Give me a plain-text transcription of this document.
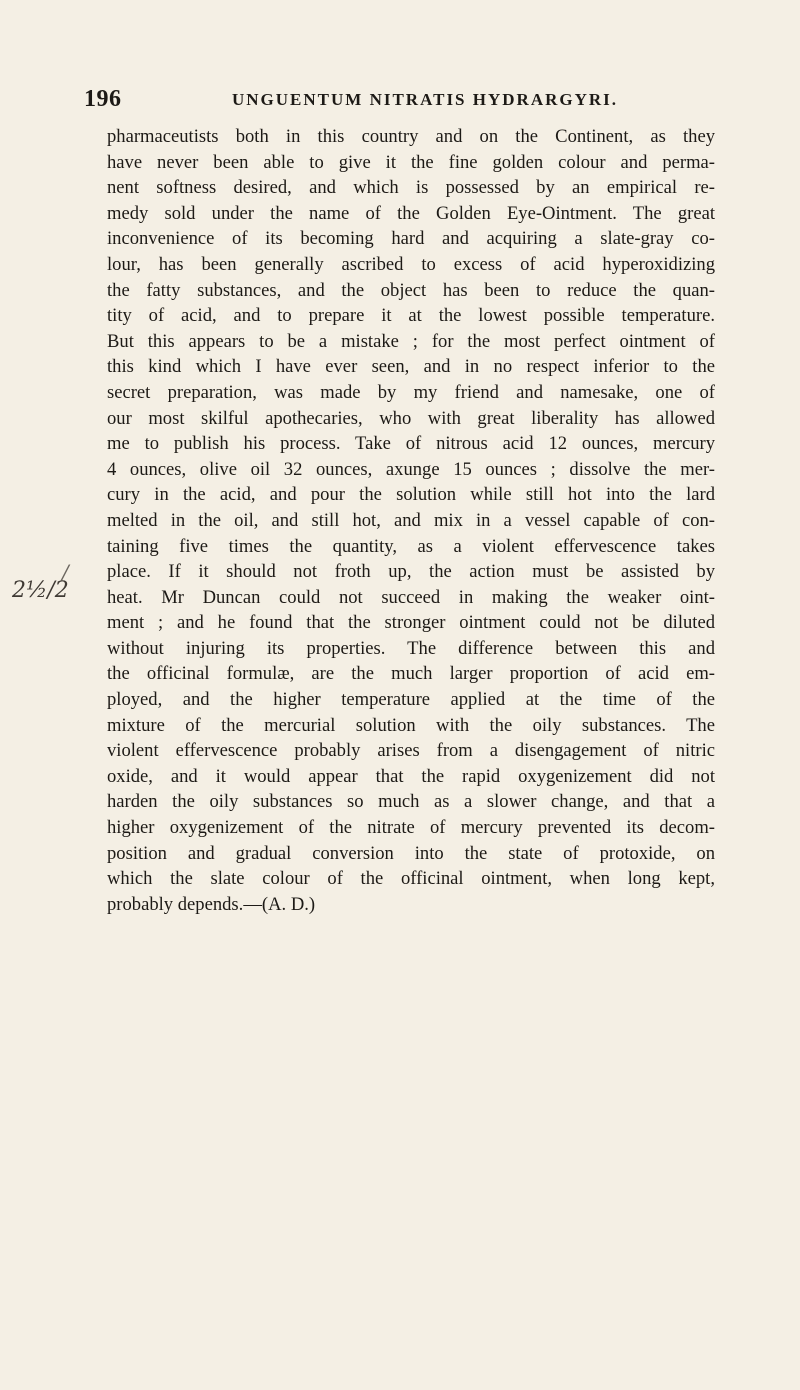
196	UNGUENTUM NITRATIS HYDRARGYRI.
2½/2
/
pharmaceutists both in this country and on the Continent, as they
have never been able to give it the fine golden colour and perma-
nent softness desired, and which is possessed by an empirical re-
medy sold under the name of the Golden Eye-Ointment. The great
inconvenience of its becoming hard and acquiring a slate-gray co-
lour, has been generally ascribed to excess of acid hyperoxidizing
the fatty substances, and the object has been to reduce the quan-
tity of acid, and to prepare it at the lowest possible temperature.
But this appears to be a mistake ; for the most perfect ointment of
this kind which I have ever seen, and in no respect inferior to the
secret preparation, was made by my friend and namesake, one of
our most skilful apothecaries, who with great liberality has allowed
me to publish his process. Take of nitrous acid 12 ounces, mercury
4 ounces, olive oil 32 ounces, axunge 15 ounces ; dissolve the mer-
cury in the acid, and pour the solution while still hot into the lard
melted in the oil, and still hot, and mix in a vessel capable of con-
taining five times the quantity, as a violent effervescence takes
place. If it should not froth up, the action must be assisted by
heat. Mr Duncan could not succeed in making the weaker oint-
ment ; and he found that the stronger ointment could not be diluted
without injuring its properties. The difference between this and
the officinal formulæ, are the much larger proportion of acid em-
ployed, and the higher temperature applied at the time of the
mixture of the mercurial solution with the oily substances. The
violent effervescence probably arises from a disengagement of nitric
oxide, and it would appear that the rapid oxygenizement did not
harden the oily substances so much as a slower change, and that a
higher oxygenizement of the nitrate of mercury prevented its decom-
position and gradual conversion into the state of protoxide, on
which the slate colour of the officinal ointment, when long kept,
probably depends.—(A. D.)
